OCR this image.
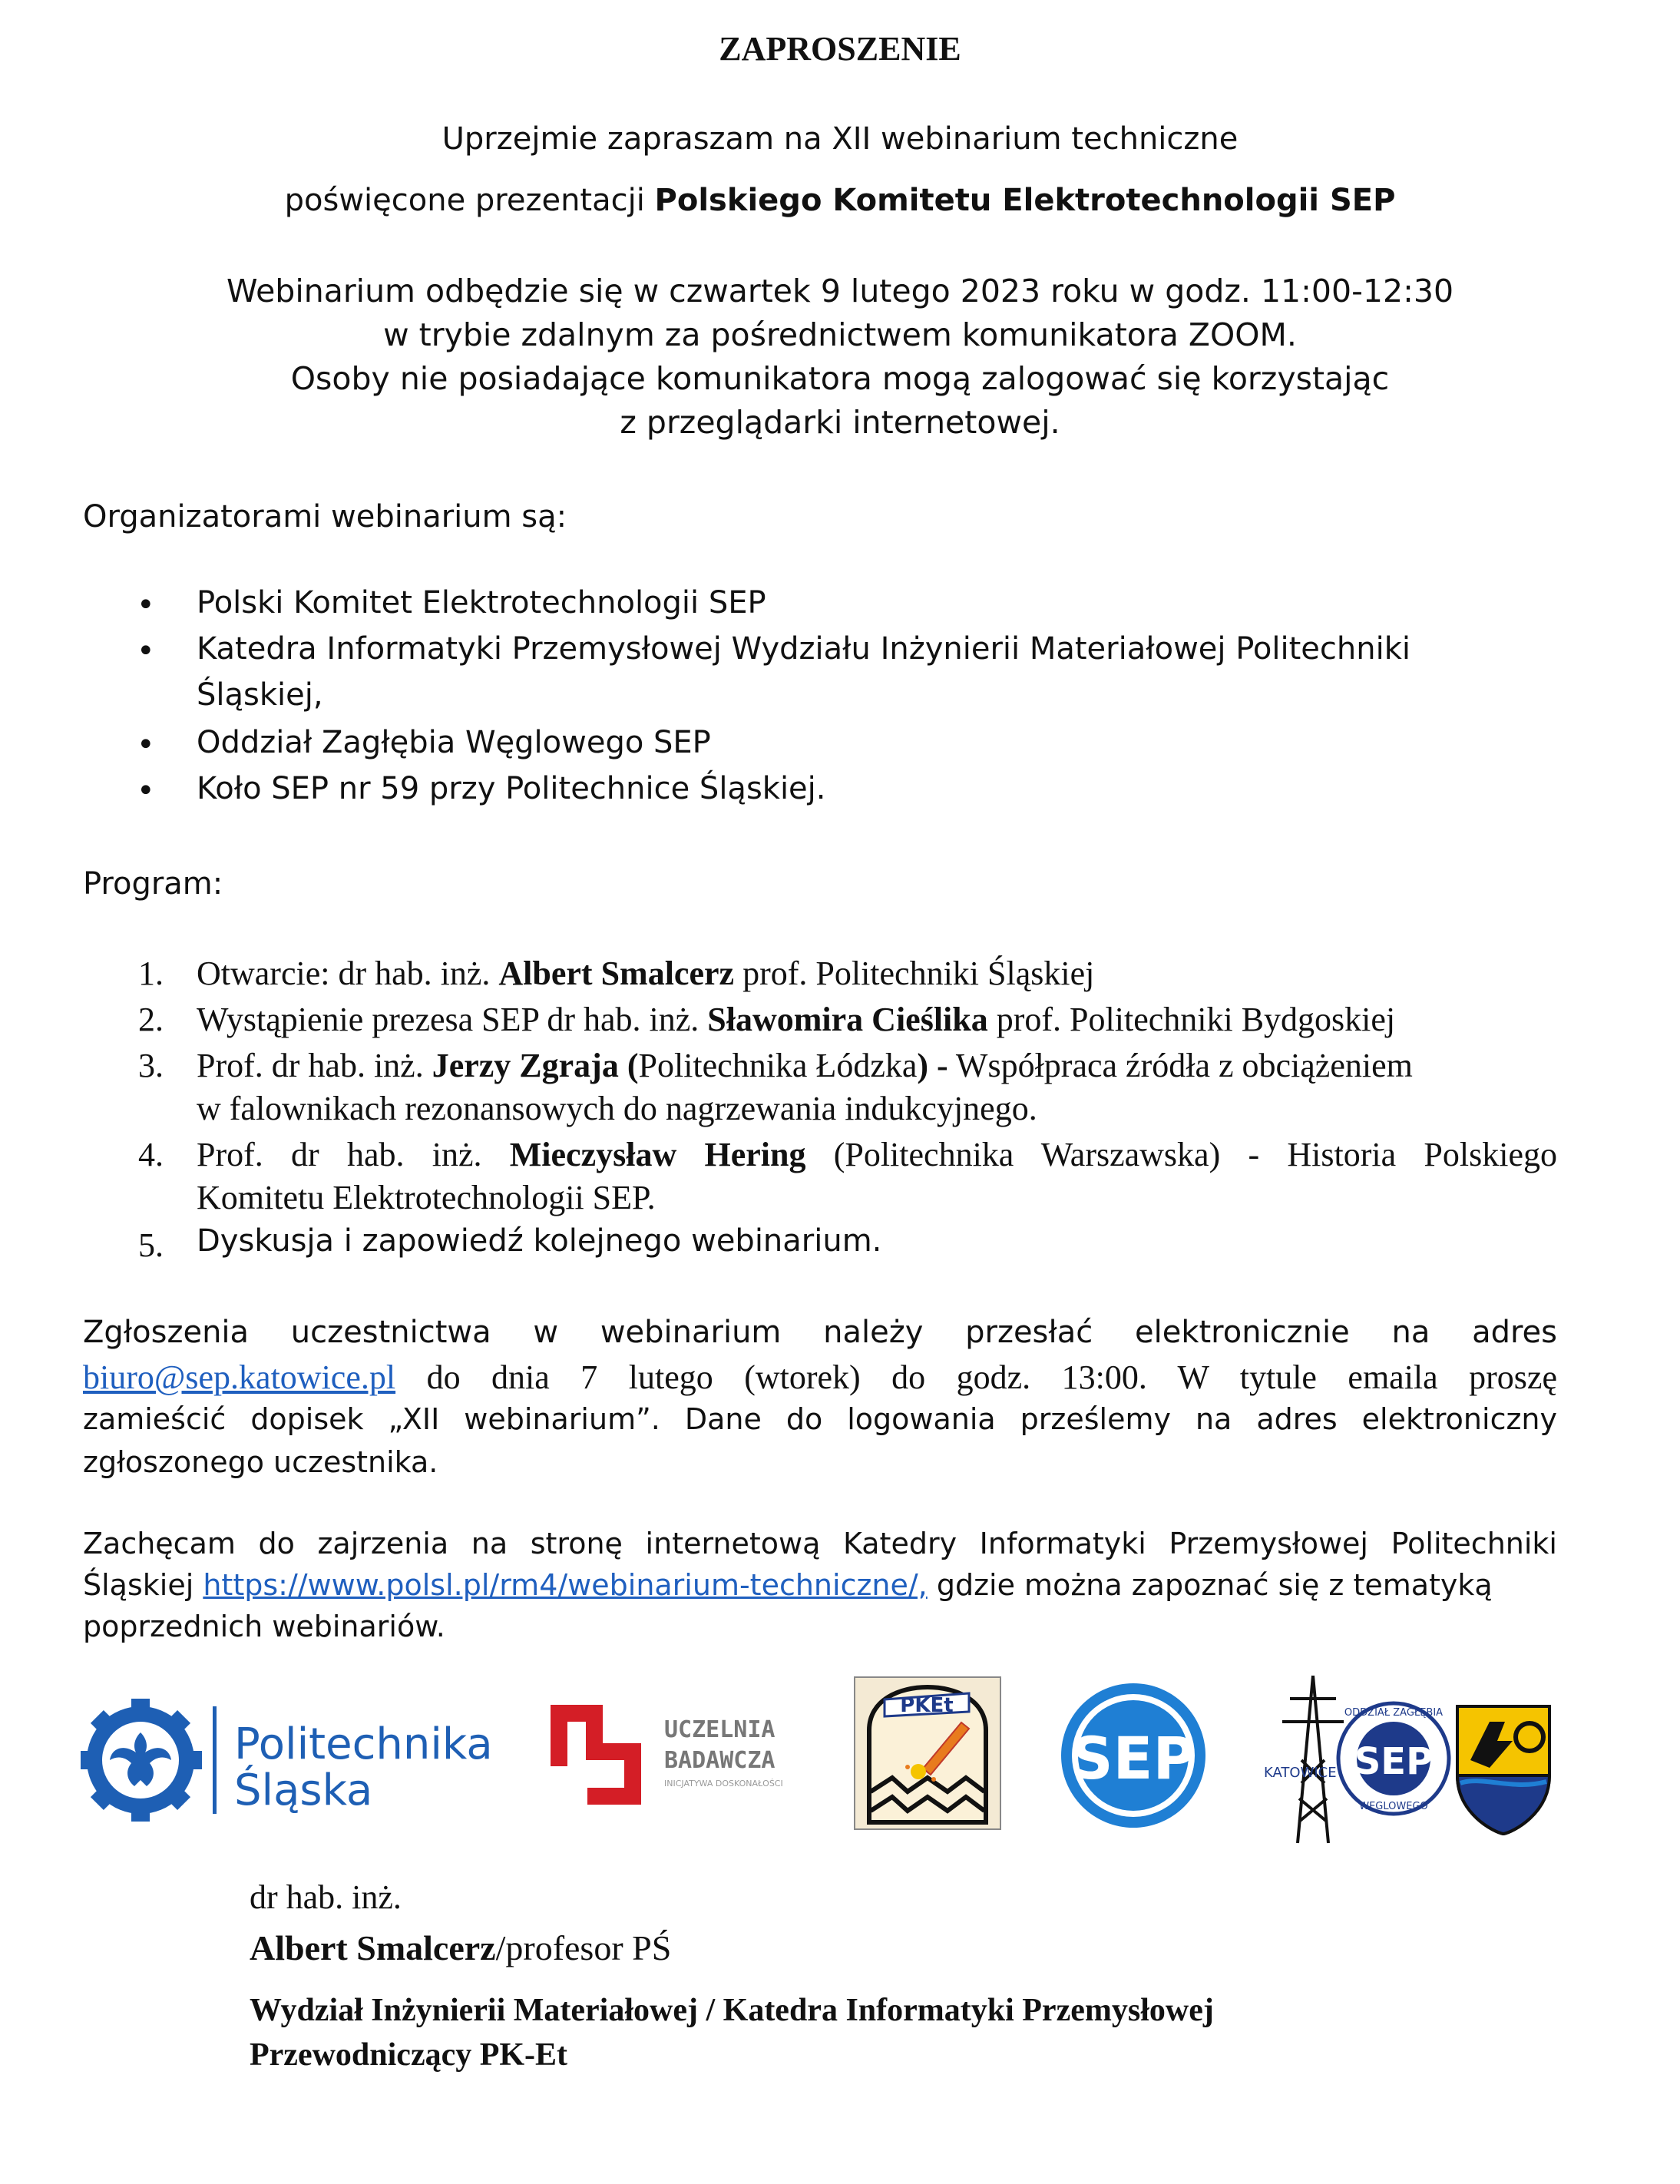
ZAPROSZENIE
Uprzejmie zapraszam na XII webinarium techniczne
poświęcone prezentacji Polskiego Komitetu Elektrotechnologii SEP
Webinarium odbędzie się w czwartek 9 lutego 2023 roku w godz. 11:00-12:30
w trybie zdalnym za pośrednictwem komunikatora ZOOM.
Osoby nie posiadające komunikatora mogą zalogować się korzystając
z przeglądarki internetowej.
Organizatorami webinarium są:
• Polski Komitet Elektrotechnologii SEP
• Katedra Informatyki Przemysłowej Wydziału Inżynierii Materiałowej Politechniki
Śląskiej,
• Oddział Zagłębia Węglowego SEP
• Koło SEP nr 59 przy Politechnice Śląskiej.
Program:
1. Otwarcie: dr hab. inż. Albert Smalcerz prof. Politechniki Śląskiej
2. Wystąpienie prezesa SEP dr hab. inż. Sławomira Cieślika prof. Politechniki Bydgoskiej
3. Prof. dr hab. inż. Jerzy Zgraja (Politechnika Łódzka) - Współpraca źródła z obciążeniem
w falownikach rezonansowych do nagrzewania indukcyjnego.
4. Prof. dr hab. inż. Mieczysław Hering (Politechnika Warszawska) - Historia Polskiego
Komitetu Elektrotechnologii SEP.
5. Dyskusja i zapowiedź kolejnego webinarium.
Zgłoszenia uczestnictwa w webinarium należy przesłać elektronicznie na adres
biuro@sep.katowice.pl do dnia 7 lutego (wtorek) do godz. 13:00. W tytule emaila proszę
zamieścić dopisek „XII webinarium”. Dane do logowania prześlemy na adres elektroniczny
zgłoszonego uczestnika.
Zachęcam do zajrzenia na stronę internetową Katedry Informatyki Przemysłowej Politechniki
Śląskiej https://www.polsl.pl/rm4/webinarium-techniczne/, gdzie można zapoznać się z tematyką
poprzednich webinariów.
Politechnika
Śląska
UCZELNIA
BADAWCZA
INICJATYWA DOSKONAŁOŚCI
PKEt
SEP	KATOWICE SEP
ODDZIAŁ ZAGŁĘBIA
WĘGLOWEGO
dr hab. inż.
Albert Smalcerz/profesor PŚ
Wydział Inżynierii Materiałowej / Katedra Informatyki Przemysłowej
Przewodniczący PK-Et
